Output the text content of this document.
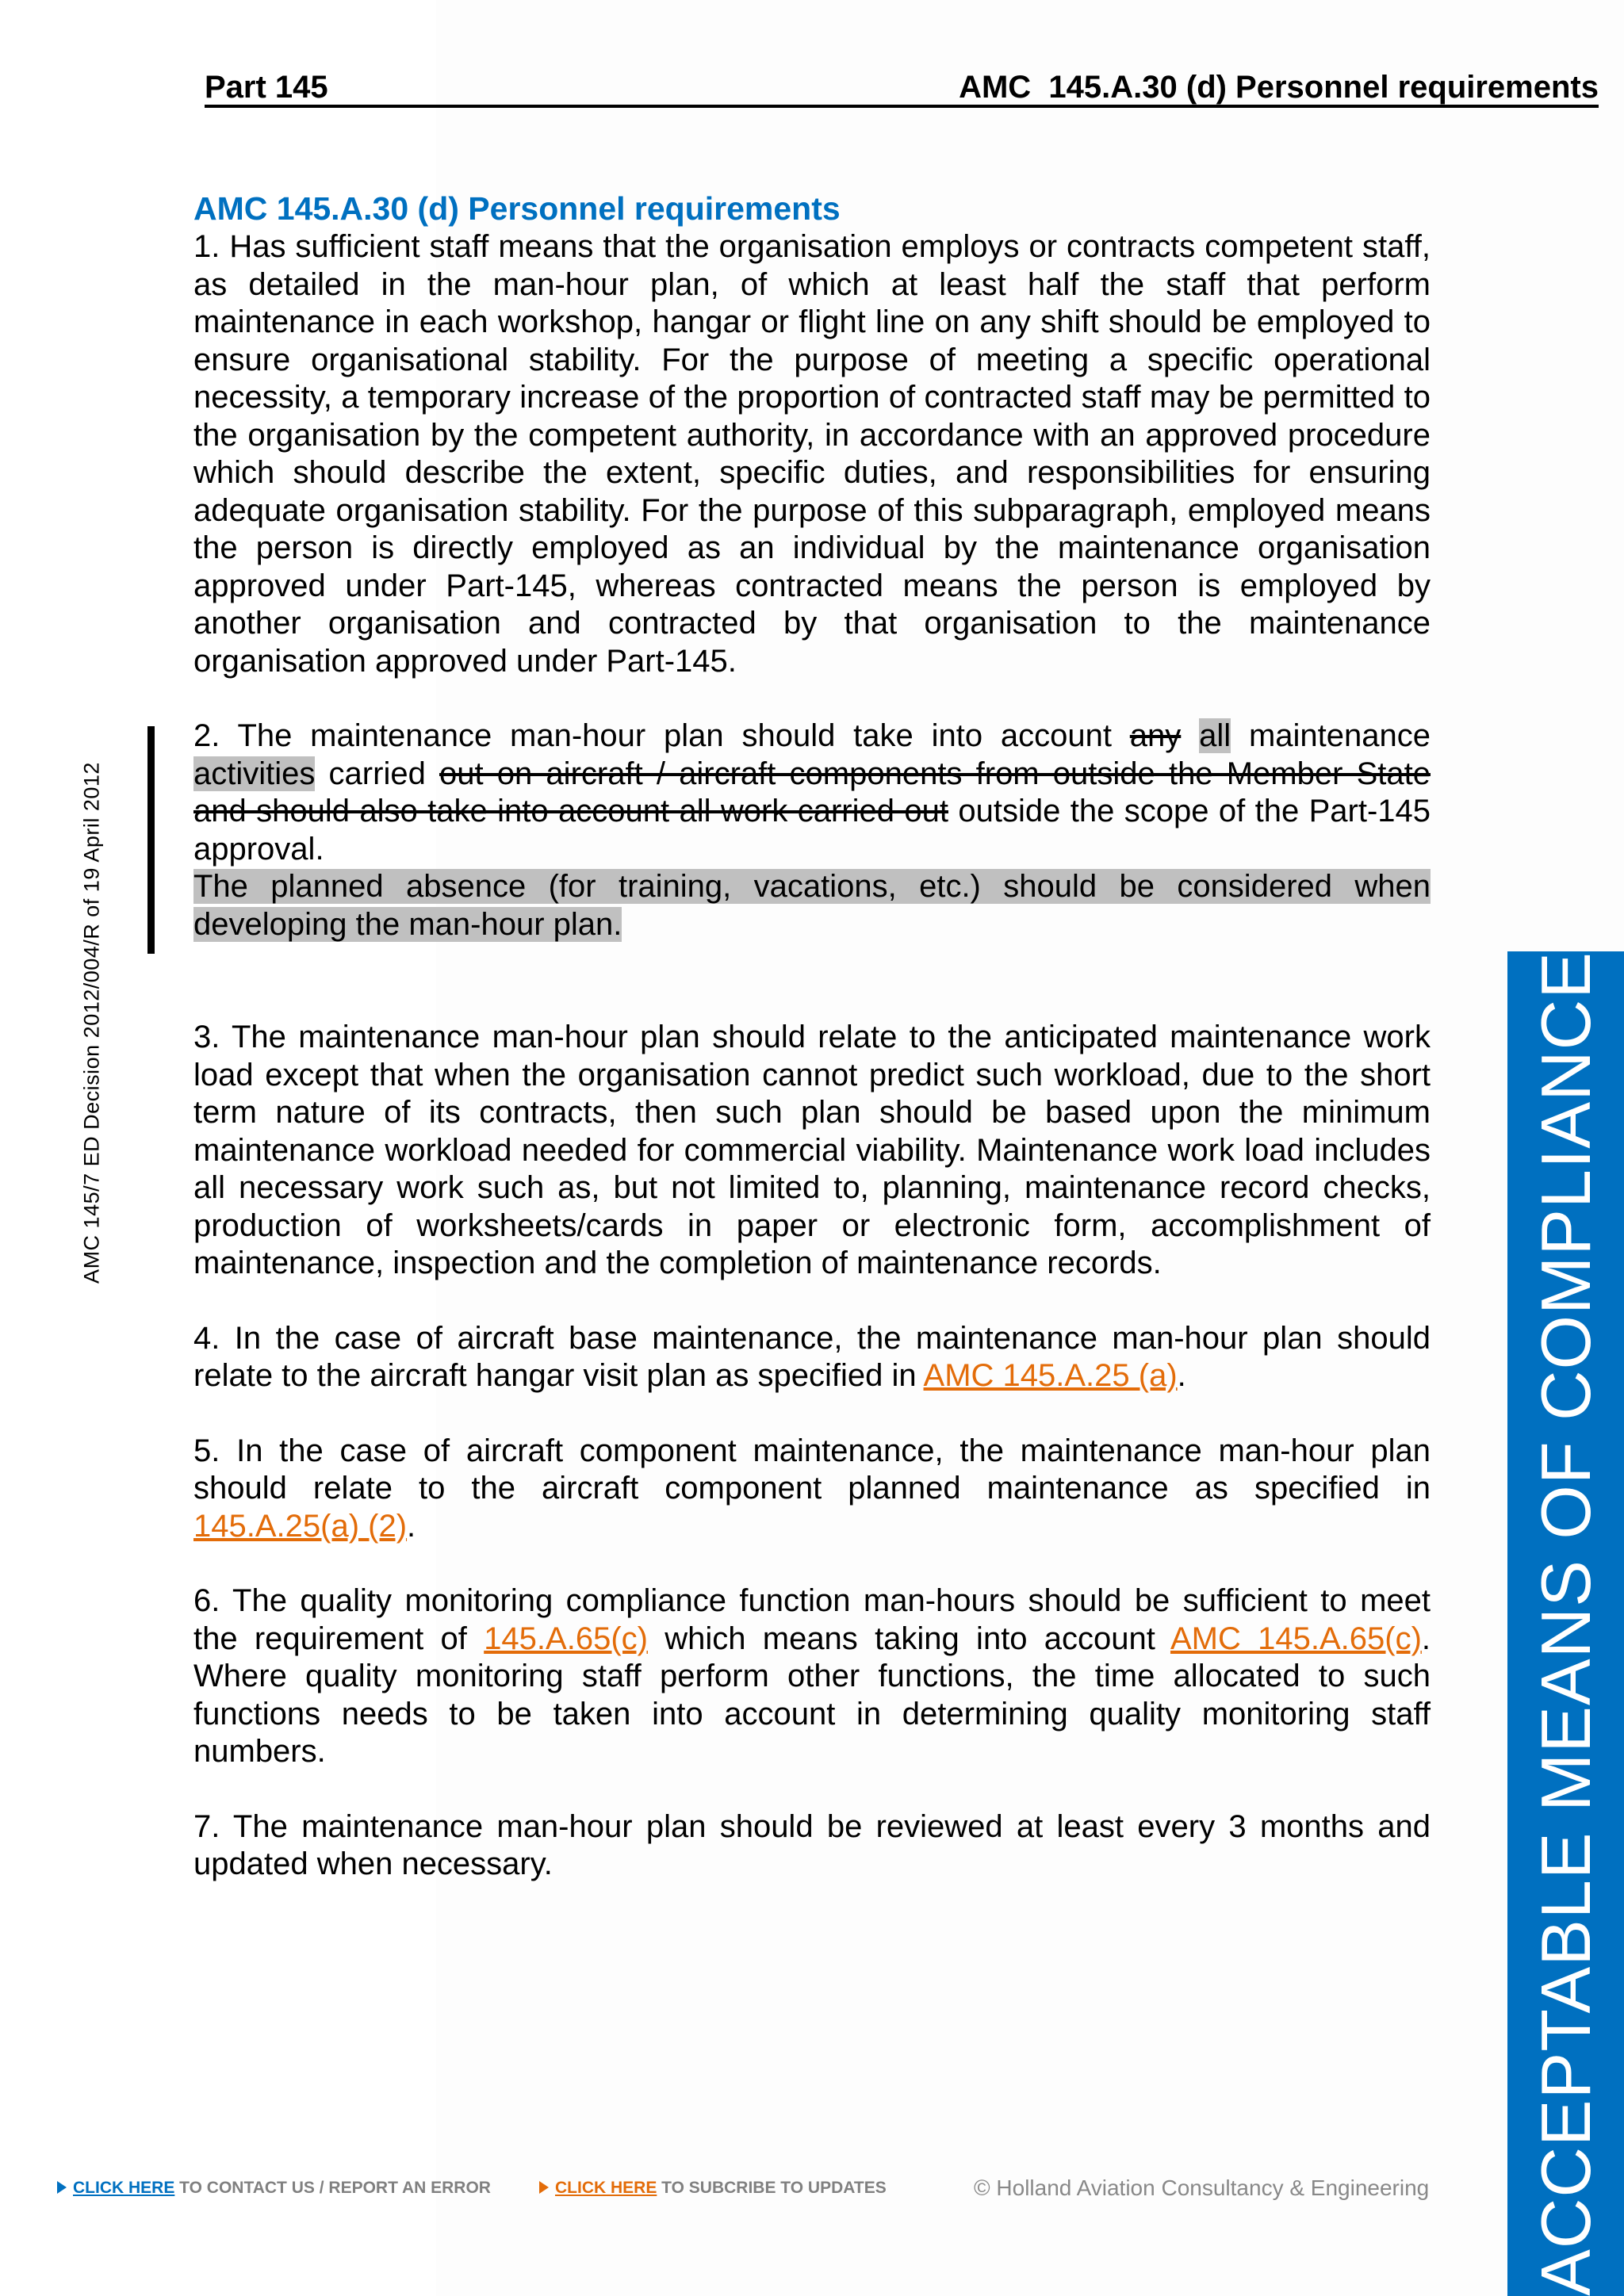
Part 145	AMC  145.A.30 (d) Personnel requirements
AMC 145/7 ED Decision 2012/004/R of 19 April 2012	ACCEPTABLE MEANS OF COMPLIANCE
AMC 145.A.30 (d) Personnel requirements

1. Has sufficient staff means that the organisation employs or contracts competent staff, as detailed in the man-hour plan, of which at least half the staff that perform maintenance in each workshop, hangar or flight line on any shift should be employed to ensure organisational stability. For the purpose of meeting a specific operational necessity, a temporary increase of the proportion of contracted staff may be permitted to the organisation by the competent authority, in accordance with an approved procedure which should describe the extent, specific duties, and responsibilities for ensuring adequate organisation stability. For the purpose of this subparagraph, employed means the person is directly employed as an individual by the maintenance organisation approved under Part-145, whereas contracted means the person is employed by another organisation and contracted by that organisation to the maintenance organisation approved under Part-145.

2. The maintenance man-hour plan should take into account any all maintenance activities carried out on aircraft / aircraft components from outside the Member State and should also take into account all work carried out outside the scope of the Part-145 approval.

The planned absence (for training, vacations, etc.) should be considered when developing the man-hour plan.

3. The maintenance man-hour plan should relate to the anticipated maintenance work load except that when the organisation cannot predict such workload, due to the short term nature of its contracts, then such plan should be based upon the minimum maintenance workload needed for commercial viability. Maintenance work load includes all necessary work such as, but not limited to, planning, maintenance record checks, production of worksheets/cards in paper or electronic form, accomplishment of maintenance, inspection and the completion of maintenance records.

4. In the case of aircraft base maintenance, the maintenance man-hour plan should relate to the aircraft hangar visit plan as specified in AMC 145.A.25 (a).

5. In the case of aircraft component maintenance, the maintenance man-hour plan should relate to the aircraft component planned maintenance as specified in 145.A.25(a) (2).

6. The quality monitoring compliance function man-hours should be sufficient to meet the requirement of 145.A.65(c) which means taking into account AMC 145.A.65(c). Where quality monitoring staff perform other functions, the time allocated to such functions needs to be taken into account in determining quality monitoring staff numbers.

7. The maintenance man-hour plan should be reviewed at least every 3 months and updated when necessary.

CLICK HERE TO CONTACT US / REPORT AN ERROR	CLICK HERE TO SUBCRIBE TO UPDATES	© Holland Aviation Consultancy & Engineering
